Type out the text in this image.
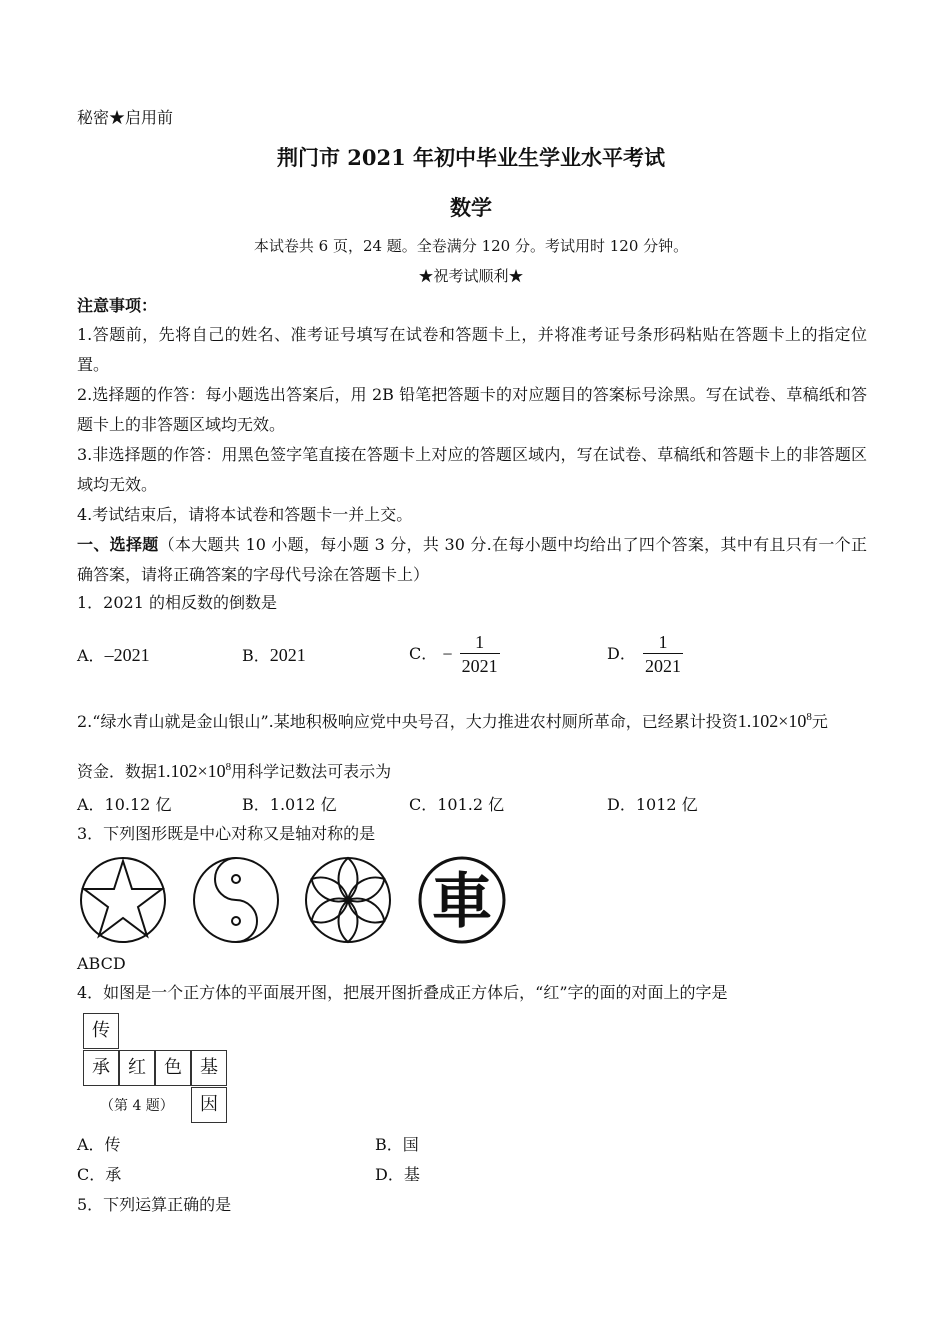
秘密★启用前
荆门市 2021 年初中毕业生学业水平考试
数学
本试卷共 6 页，24 题。全卷满分 120 分。考试用时 120 分钟。
★祝考试顺利★
注意事项：
1.答题前，先将自己的姓名、准考证号填写在试卷和答题卡上，并将准考证号条形码粘贴在答题卡上的指定位置。
2.选择题的作答：每小题选出答案后，用 2B 铅笔把答题卡的对应题目的答案标号涂黑。写在试卷、草稿纸和答题卡上的非答题区域均无效。
3.非选择题的作答：用黑色签字笔直接在答题卡上对应的答题区域内，写在试卷、草稿纸和答题卡上的非答题区域均无效。
4.考试结束后，请将本试卷和答题卡一并上交。
一、选择题（本大题共 10 小题，每小题 3 分，共 30 分.在每小题中均给出了四个答案，其中有且只有一个正确答案，请将正确答案的字母代号涂在答题卡上）
1．2021 的相反数的倒数是
A．–2021	B．2021	C． − $\frac{1}{2021}$	D． $\frac{1}{2021}$
2.“绿水青山就是金山银山”.某地积极响应党中央号召，大力推进农村厕所革命，已经累计投资$1.102\times 10^8$元
资金．数据$1.102\times 10^8$用科学记数法可表示为
A．10.12 亿	B．1.012 亿	C．101.2 亿	D．1012 亿
3．下列图形既是中心对称又是轴对称的是
車
ABCD
4．如图是一个正方体的平面展开图，把展开图折叠成正方体后，“红”字的面的对面上的字是
传
承	红	色	基
因
（第 4 题）
A．传	B．国
C．承	D．基
5．下列运算正确的是
